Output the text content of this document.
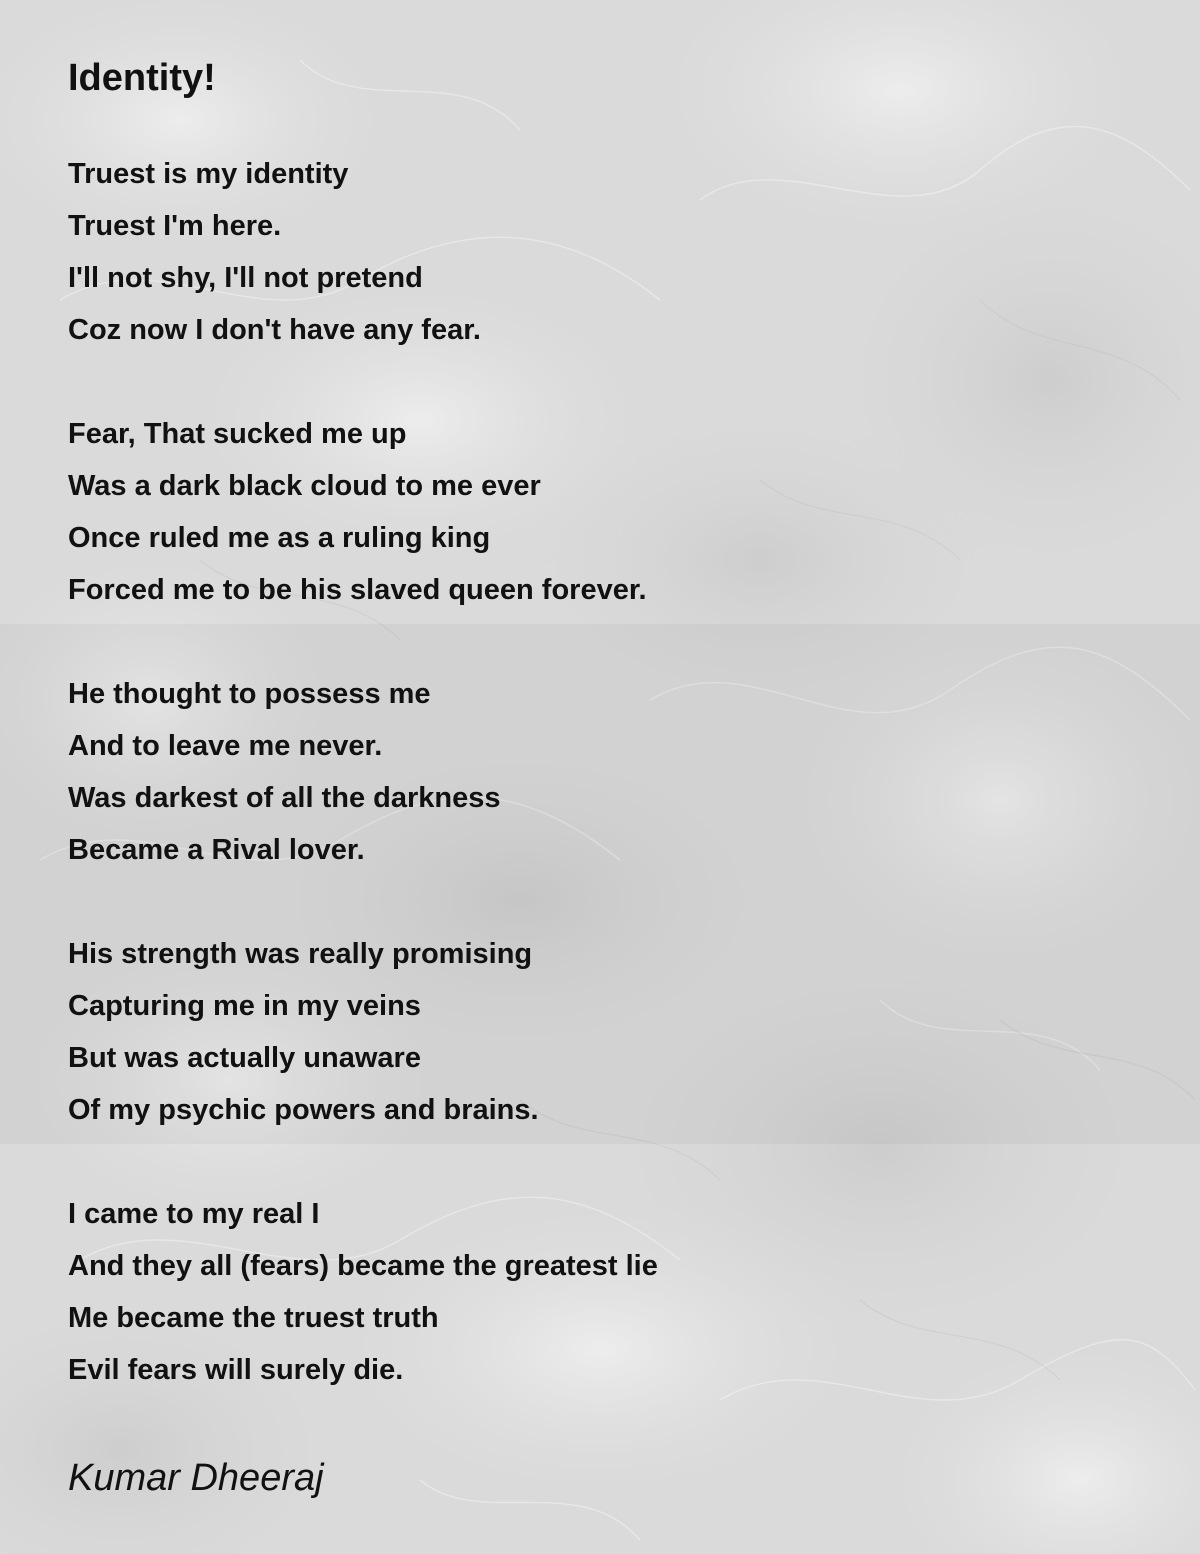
Identity!
Truest is my identity
Truest I'm here.
I'll not shy, I'll not pretend
Coz now I don't have any fear.
Fear, That sucked me up
Was a dark black cloud to me ever
Once ruled me as a ruling king
Forced me to be his slaved queen forever.
He thought to possess me
And to leave me never.
Was darkest of all the darkness
Became a Rival lover.
His strength was really promising
Capturing me in my veins
But was actually unaware
Of my psychic powers and brains.
I came to my real I
And they all (fears) became the greatest lie
Me became the truest truth
Evil fears will surely die.
Kumar Dheeraj
